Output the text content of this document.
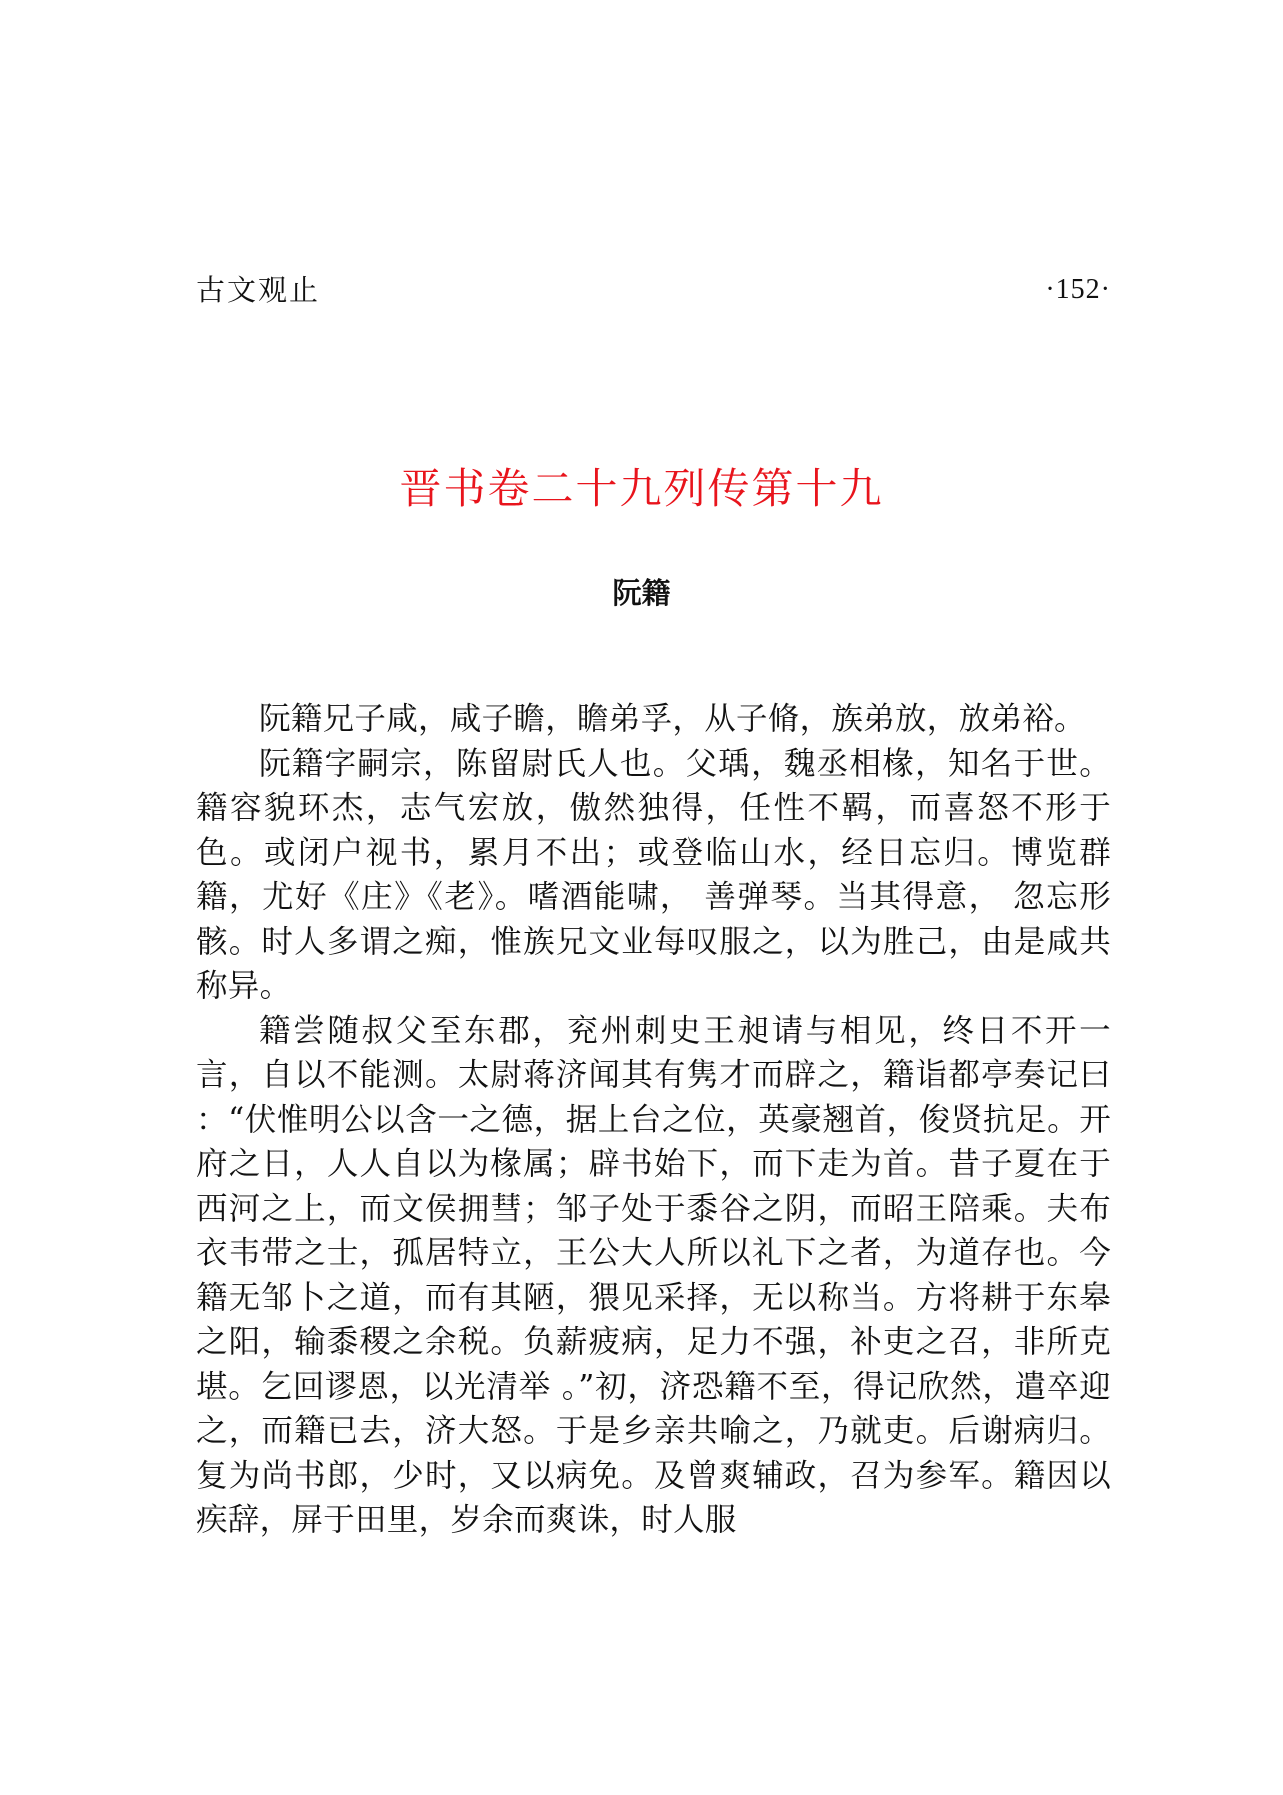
古文观止	·152·
晋书卷二十九列传第十九
阮籍

阮籍兄子咸，咸子瞻，瞻弟孚，从子脩，族弟放，放弟裕。

阮籍字嗣宗，陈留尉氏人也。父瑀，魏丞相椽，知名于世。籍容貌环杰，志气宏放，傲然独得，任性不羁，而喜怒不形于色。或闭户视书，累月不出；或登临山水，经日忘归。博览群籍，尤好《庄》《老》。嗜酒能啸， 善弹琴。当其得意， 忽忘形骸。时人多谓之痴，惟族兄文业每叹服之，以为胜己，由是咸共称异。

籍尝随叔父至东郡，兖州刺史王昶请与相见，终日不开一言，自以不能测。太尉蒋济闻其有隽才而辟之，籍诣都亭奏记曰 ：“伏惟明公以含一之德，据上台之位，英豪翘首，俊贤抗足。开府之日，人人自以为椽属；辟书始下，而下走为首。昔子夏在于西河之上，而文侯拥彗；邹子处于黍谷之阴，而昭王陪乘。夫布衣韦带之士，孤居特立，王公大人所以礼下之者，为道存也。今籍无邹卜之道，而有其陋，猥见采择，无以称当。方将耕于东皋之阳，输黍稷之余税。负薪疲病，足力不强，补吏之召，非所克堪。乞回谬恩，以光清举 。”初，济恐籍不至，得记欣然，遣卒迎之，而籍已去，济大怒。于是乡亲共喻之，乃就吏。后谢病归。复为尚书郎，少时，又以病免。及曾爽辅政，召为参军。籍因以疾辞，屏于田里，岁余而爽诛，时人服
